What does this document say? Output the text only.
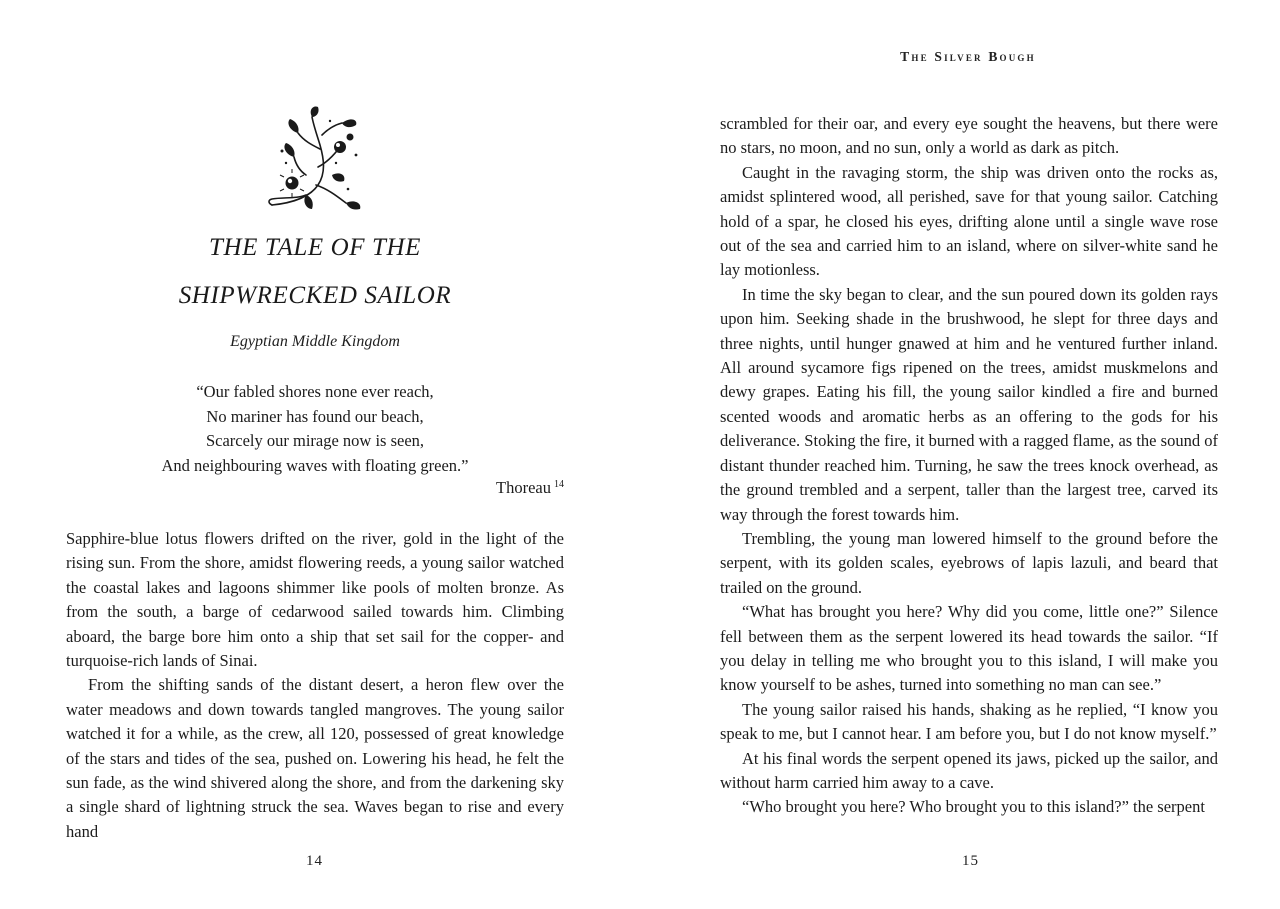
THE TALE OF THE
SHIPWRECKED SAILOR
Egyptian Middle Kingdom
“Our fabled shores none ever reach,
No mariner has found our beach,
Scarcely our mirage now is seen,
And neighbouring waves with floating green.”
Thoreau $^{14}$

Sapphire-blue lotus flowers drifted on the river, gold in the light of the rising sun. From the shore, amidst flowering reeds, a young sailor watched the coastal lakes and lagoons shimmer like pools of molten bronze. As from the south, a barge of cedarwood sailed towards him. Climbing aboard, the barge bore him onto a ship that set sail for the copper- and turquoise-rich lands of Sinai.

From the shifting sands of the distant desert, a heron flew over the water meadows and down towards tangled mangroves. The young sailor watched it for a while, as the crew, all 120, possessed of great knowledge of the stars and tides of the sea, pushed on. Lowering his head, he felt the sun fade, as the wind shivered along the shore, and from the darkening sky a single shard of lightning struck the sea. Waves began to rise and every hand

14
The Silver Bough

scrambled for their oar, and every eye sought the heavens, but there were no stars, no moon, and no sun, only a world as dark as pitch.

Caught in the ravaging storm, the ship was driven onto the rocks as, amidst splintered wood, all perished, save for that young sailor. Catching hold of a spar, he closed his eyes, drifting alone until a single wave rose out of the sea and carried him to an island, where on silver-white sand he lay motionless.

In time the sky began to clear, and the sun poured down its golden rays upon him. Seeking shade in the brushwood, he slept for three days and three nights, until hunger gnawed at him and he ventured further inland. All around sycamore figs ripened on the trees, amidst muskmelons and dewy grapes. Eating his fill, the young sailor kindled a fire and burned scented woods and aromatic herbs as an offering to the gods for his deliverance. Stoking the fire, it burned with a ragged flame, as the sound of distant thunder reached him. Turning, he saw the trees knock overhead, as the ground trembled and a serpent, taller than the largest tree, carved its way through the forest towards him.

Trembling, the young man lowered himself to the ground before the serpent, with its golden scales, eyebrows of lapis lazuli, and beard that trailed on the ground.

“What has brought you here? Why did you come, little one?” Silence fell between them as the serpent lowered its head towards the sailor. “If you delay in telling me who brought you to this island, I will make you know yourself to be ashes, turned into something no man can see.”

The young sailor raised his hands, shaking as he replied, “I know you speak to me, but I cannot hear. I am before you, but I do not know myself.”

At his final words the serpent opened its jaws, picked up the sailor, and without harm carried him away to a cave.

“Who brought you here? Who brought you to this island?” the serpent

15
